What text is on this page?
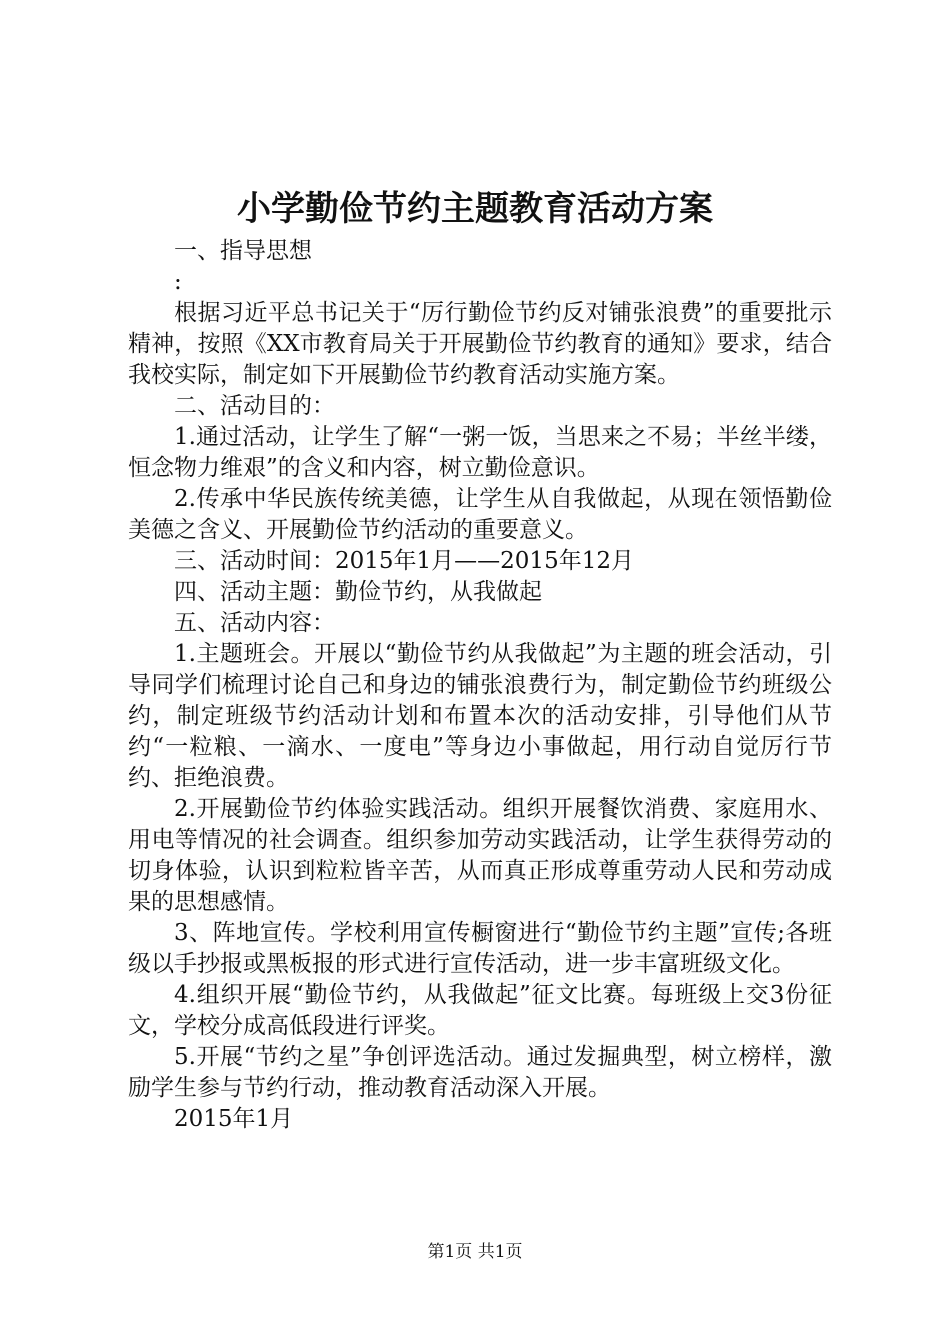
小学勤俭节约主题教育活动方案

一、指导思想

:

根据习近平总书记关于“厉行勤俭节约反对铺张浪费”的重要批示精神，按照《XX市教育局关于开展勤俭节约教育的通知》要求，结合我校实际，制定如下开展勤俭节约教育活动实施方案。

二、活动目的：

1.通过活动，让学生了解“一粥一饭，当思来之不易；半丝半缕，恒念物力维艰”的含义和内容，树立勤俭意识。

2.传承中华民族传统美德，让学生从自我做起，从现在领悟勤俭美德之含义、开展勤俭节约活动的重要意义。

三、活动时间：2015年1月——2015年12月

四、活动主题：勤俭节约，从我做起

五、活动内容：

1.主题班会。开展以“勤俭节约从我做起”为主题的班会活动，引导同学们梳理讨论自己和身边的铺张浪费行为，制定勤俭节约班级公约，制定班级节约活动计划和布置本次的活动安排，引导他们从节约“一粒粮、一滴水、一度电”等身边小事做起，用行动自觉厉行节约、拒绝浪费。

2.开展勤俭节约体验实践活动。组织开展餐饮消费、家庭用水、用电等情况的社会调查。组织参加劳动实践活动，让学生获得劳动的切身体验，认识到粒粒皆辛苦，从而真正形成尊重劳动人民和劳动成果的思想感情。

3、阵地宣传。学校利用宣传橱窗进行“勤俭节约主题”宣传;各班级以手抄报或黑板报的形式进行宣传活动，进一步丰富班级文化。

4.组织开展“勤俭节约，从我做起”征文比赛。每班级上交3份征文，学校分成高低段进行评奖。

5.开展“节约之星”争创评选活动。通过发掘典型，树立榜样，激励学生参与节约行动，推动教育活动深入开展。

2015年1月

第1页 共1页
